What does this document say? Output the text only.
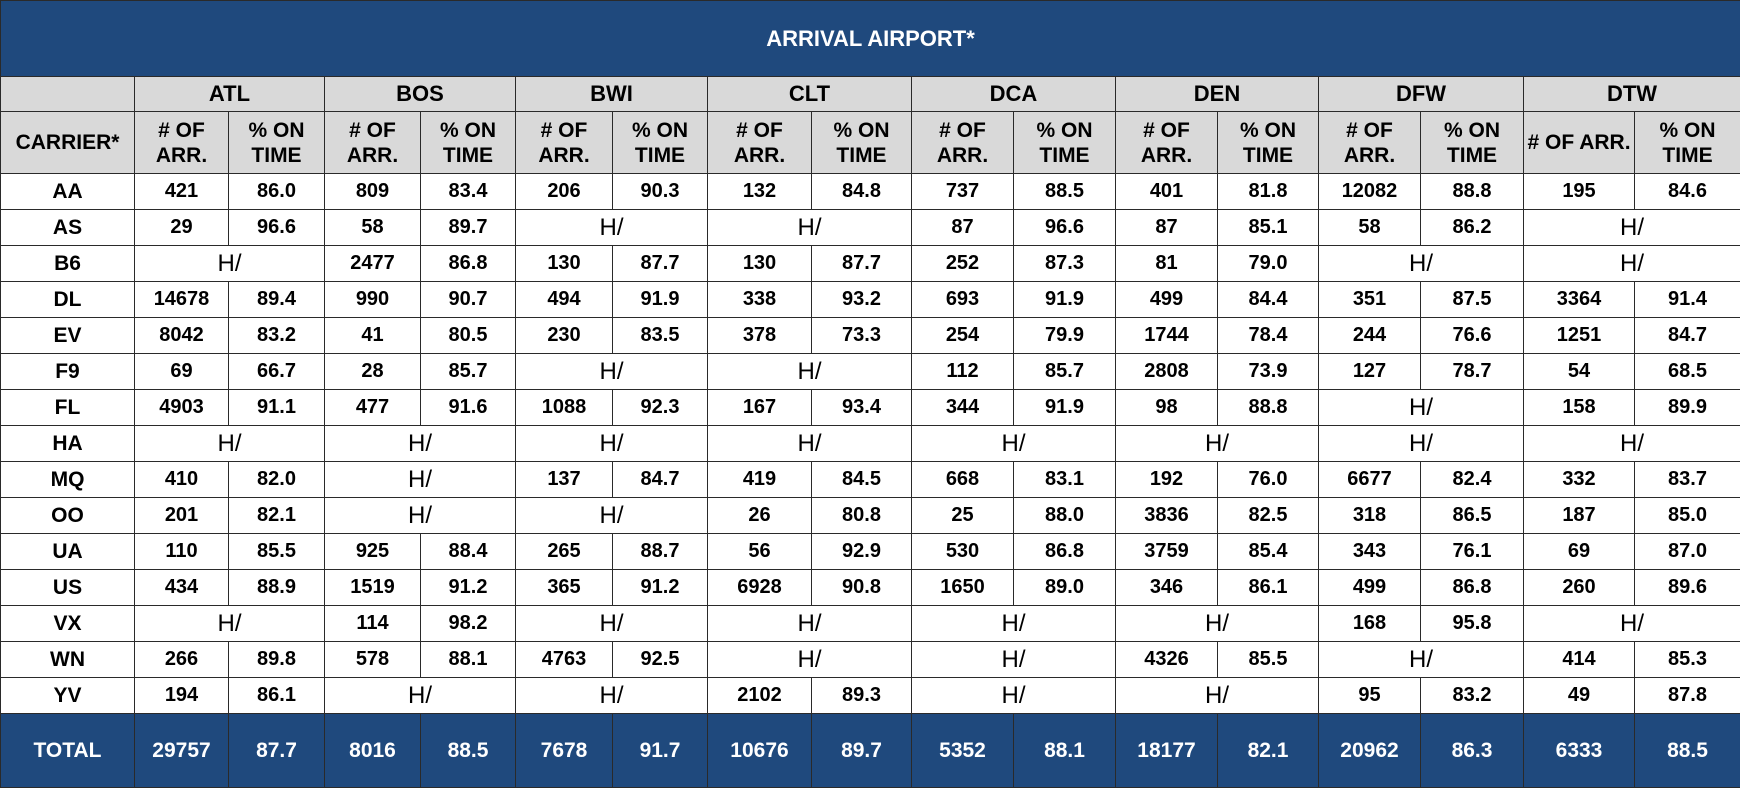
ARRIVAL AIRPORT*																
	ATL		BOS		BWI		CLT		DCA		DEN		DFW		DTW	
CARRIER*	# OF ARR.	% ON TIME	# OF ARR.	% ON TIME	# OF ARR.	% ON TIME	# OF ARR.	% ON TIME	# OF ARR.	% ON TIME	# OF ARR.	% ON TIME	# OF ARR.	% ON TIME	# OF ARR.	% ON TIME
AA	421	86.0	809	83.4	206	90.3	132	84.8	737	88.5	401	81.8	12082	88.8	195	84.6
AS	29	96.6	58	89.7	H/		H/		87	96.6	87	85.1	58	86.2	H/	
B6	H/		2477	86.8	130	87.7	130	87.7	252	87.3	81	79.0	H/		H/	
DL	14678	89.4	990	90.7	494	91.9	338	93.2	693	91.9	499	84.4	351	87.5	3364	91.4
EV	8042	83.2	41	80.5	230	83.5	378	73.3	254	79.9	1744	78.4	244	76.6	1251	84.7
F9	69	66.7	28	85.7	H/		H/		112	85.7	2808	73.9	127	78.7	54	68.5
FL	4903	91.1	477	91.6	1088	92.3	167	93.4	344	91.9	98	88.8	H/		158	89.9
HA	H/		H/		H/		H/		H/		H/		H/		H/	
MQ	410	82.0	H/		137	84.7	419	84.5	668	83.1	192	76.0	6677	82.4	332	83.7
OO	201	82.1	H/		H/		26	80.8	25	88.0	3836	82.5	318	86.5	187	85.0
UA	110	85.5	925	88.4	265	88.7	56	92.9	530	86.8	3759	85.4	343	76.1	69	87.0
US	434	88.9	1519	91.2	365	91.2	6928	90.8	1650	89.0	346	86.1	499	86.8	260	89.6
VX	H/		114	98.2	H/		H/		H/		H/		168	95.8	H/	
WN	266	89.8	578	88.1	4763	92.5	H/		H/		4326	85.5	H/		414	85.3
YV	194	86.1	H/		H/		2102	89.3	H/		H/		95	83.2	49	87.8
TOTAL	29757	87.7	8016	88.5	7678	91.7	10676	89.7	5352	88.1	18177	82.1	20962	86.3	6333	88.5
